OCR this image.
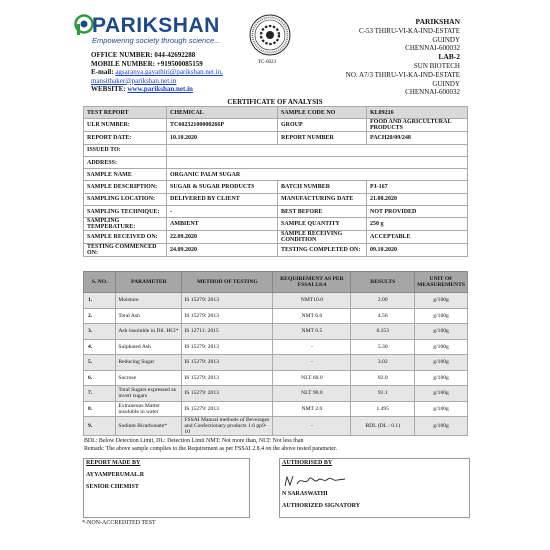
PARIKSHAN
Empowering society through science...
OFFICE NUMBER: 044-42692288
MOBILE NUMBER: +919500085159
E-mail: agsaranya.gayathiri@parikshan.net.in,
mansithaker@parikshan.net.in
WEBSITE: www.parikshan.net.in
TC-6023
PARIKSHAN
C-53 THIRU-VI-KA-IND-ESTATE
GUINDY
CHENNAI-600032
LAB-2
SUN BIOTECH
NO. A7/3 THIRU-VI-KA-IND-ESTATE
GUINDY
CHENNAI-600032
CERTIFICATE OF ANALYSIS
TEST REPORT	CHEMICAL	SAMPLE CODE NO	KL09216
ULR NUMBER:	TC60232100000266P	GROUP	FOOD AND AGRICULTURAL PRODUCTS
REPORT DATE:	10.10.2020	REPORT NUMBER	PACH20/09/248
ISSUED TO:			
ADDRESS:			
SAMPLE NAME	ORGANIC PALM SUGAR		
SAMPLE DESCRIPTION:	SUGAR & SUGAR PRODUCTS	BATCH NUMBER	PJ-167
SAMPLING LOCATION:	DELIVERED BY CLIENT	MANUFACTURING DATE	21.08.2020
SAMPLING TECHNIQUE:	-	BEST BEFORE	NOT PROVIDED
SAMPLING TEMPERATURE:	AMBIENT	SAMPLE QUANTITY	250 g
SAMPLE RECEIVED ON:	22.09.2020	SAMPLE RECEIVING CONDITION	ACCEPTABLE
TESTING COMMENCED ON:	24.09.2020	TESTING COMPLETED ON:	09.10.2020
S. NO.	PARAMETER	METHOD OF TESTING	REQUIREMENT AS PER FSSAI 2.8.4	RESULTS	UNIT OF MEASUREMENTS
1.	Moisture	IS 15279: 2013	NMT10.0	2.00	g/100g
2.	Total Ash	IS 15279: 2013	NMT 6.0	4.56	g/100g
3.	Ash insoluble in Dil. HCl*	IS 12711: 2015	NMT 0.5	0.153	g/100g
4.	Sulphated Ash	IS 15279: 2013	-	5.30	g/100g
5.	Reducing Sugar	IS 15279: 2013	-	3.02	g/100g
6.	Sucrose	IS 15279: 2013	NLT 60.0	82.0	g/100g
7.	Total Sugars expressed as invert sugars	IS 15279: 2013	NLT 90.0	91.1	g/100g
8.	Extraneous Matter insoluble in water	IS 15279: 2013	NMT 2.0	1.495	g/100g
9.	Sodium Bicarbonate*	FSSAI Manual methods of Beverages and Confectionary products 1.6 pp9-10	-	BDL (DL : 0.1)	g/100g
BDL: Below Detection Limit, DL: Detection Limit NMT: Not more than, NLT: Not less than
Remark: The above sample complies to the Requirement as per FSSAI 2.8.4 on the above tested parameter.
REPORT MADE BY
AYYAMPERUMAL.R
SENIOR CHEMIST
AUTHORISED BY
N SARASWATHI
AUTHORIZED SIGNATORY
*-NON-ACCREDITED TEST
